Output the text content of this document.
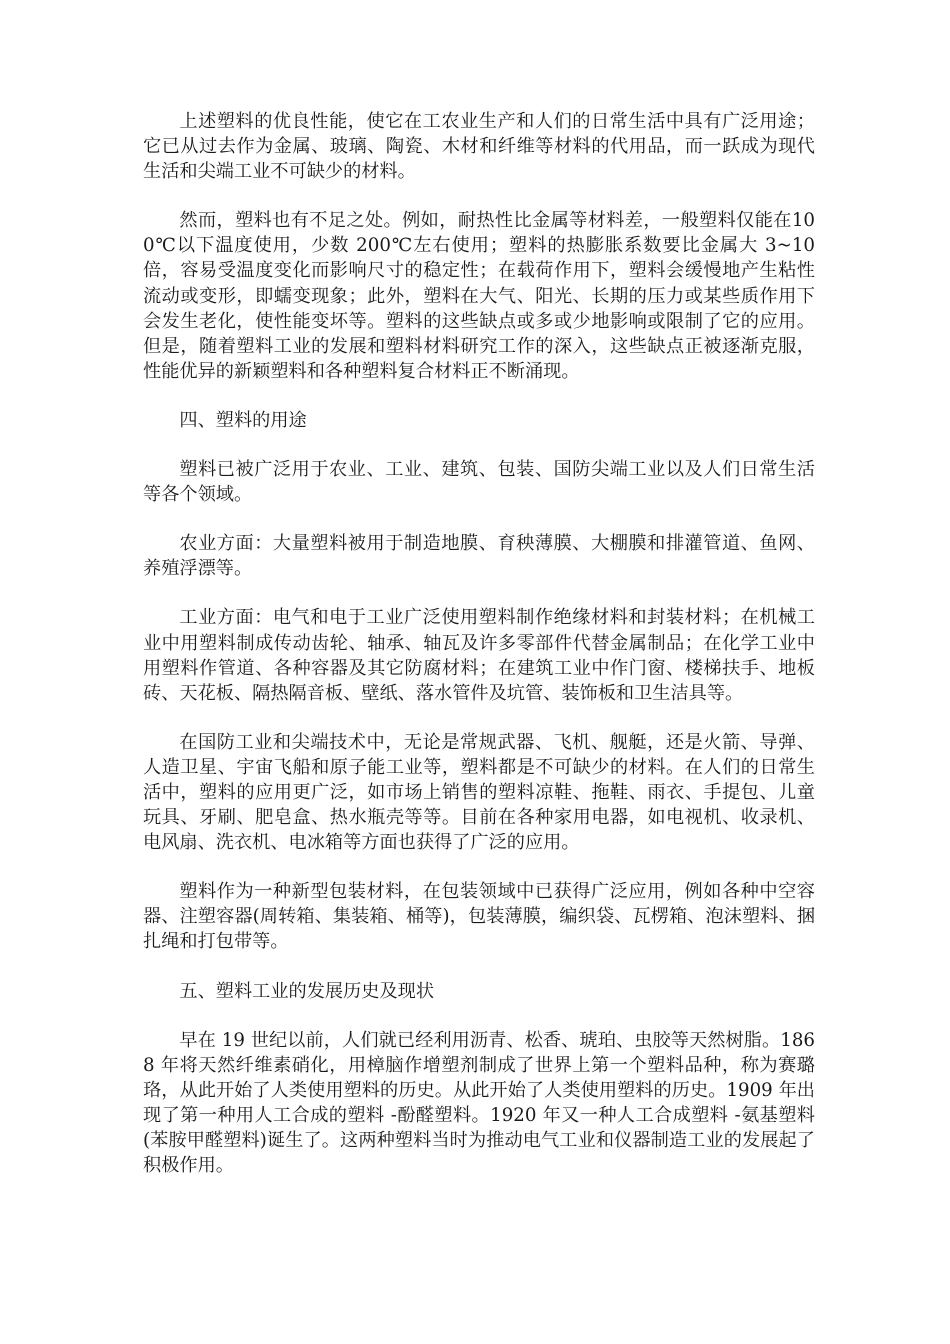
上述塑料的优良性能，使它在工农业生产和人们的日常生活中具有广泛用途；它已从过去作为金属、玻璃、陶瓷、木材和纤维等材料的代用品，而一跃成为现代生活和尖端工业不可缺少的材料。

然而，塑料也有不足之处。例如，耐热性比金属等材料差，一般塑料仅能在100℃以下温度使用，少数 200℃左右使用；塑料的热膨胀系数要比金属大 3~10 倍，容易受温度变化而影响尺寸的稳定性；在载荷作用下，塑料会缓慢地产生粘性流动或变形，即蠕变现象；此外，塑料在大气、阳光、长期的压力或某些质作用下会发生老化，使性能变坏等。塑料的这些缺点或多或少地影响或限制了它的应用。但是，随着塑料工业的发展和塑料材料研究工作的深入，这些缺点正被逐渐克服，性能优异的新颖塑料和各种塑料复合材料正不断涌现。

四、塑料的用途

塑料已被广泛用于农业、工业、建筑、包装、国防尖端工业以及人们日常生活等各个领域。

农业方面：大量塑料被用于制造地膜、育秧薄膜、大棚膜和排灌管道、鱼网、养殖浮漂等。

工业方面：电气和电于工业广泛使用塑料制作绝缘材料和封装材料；在机械工业中用塑料制成传动齿轮、轴承、轴瓦及许多零部件代替金属制品；在化学工业中用塑料作管道、各种容器及其它防腐材料；在建筑工业中作门窗、楼梯扶手、地板砖、天花板、隔热隔音板、壁纸、落水管件及坑管、装饰板和卫生洁具等。

在国防工业和尖端技术中，无论是常规武器、飞机、舰艇，还是火箭、导弹、人造卫星、宇宙飞船和原子能工业等，塑料都是不可缺少的材料。在人们的日常生活中，塑料的应用更广泛，如市场上销售的塑料凉鞋、拖鞋、雨衣、手提包、儿童玩具、牙刷、肥皂盒、热水瓶壳等等。目前在各种家用电器，如电视机、收录机、电风扇、洗衣机、电冰箱等方面也获得了广泛的应用。

塑料作为一种新型包装材料，在包装领域中已获得广泛应用，例如各种中空容器、注塑容器(周转箱、集装箱、桶等)，包装薄膜，编织袋、瓦楞箱、泡沫塑料、捆扎绳和打包带等。

五、塑料工业的发展历史及现状

早在 19 世纪以前，人们就已经利用沥青、松香、琥珀、虫胶等天然树脂。1868 年将天然纤维素硝化，用樟脑作增塑剂制成了世界上第一个塑料品种，称为赛璐珞，从此开始了人类使用塑料的历史。从此开始了人类使用塑料的历史。1909 年出现了第一种用人工合成的塑料 -酚醛塑料。1920 年又一种人工合成塑料 -氨基塑料(苯胺甲醛塑料)诞生了。这两种塑料当时为推动电气工业和仪器制造工业的发展起了积极作用。
